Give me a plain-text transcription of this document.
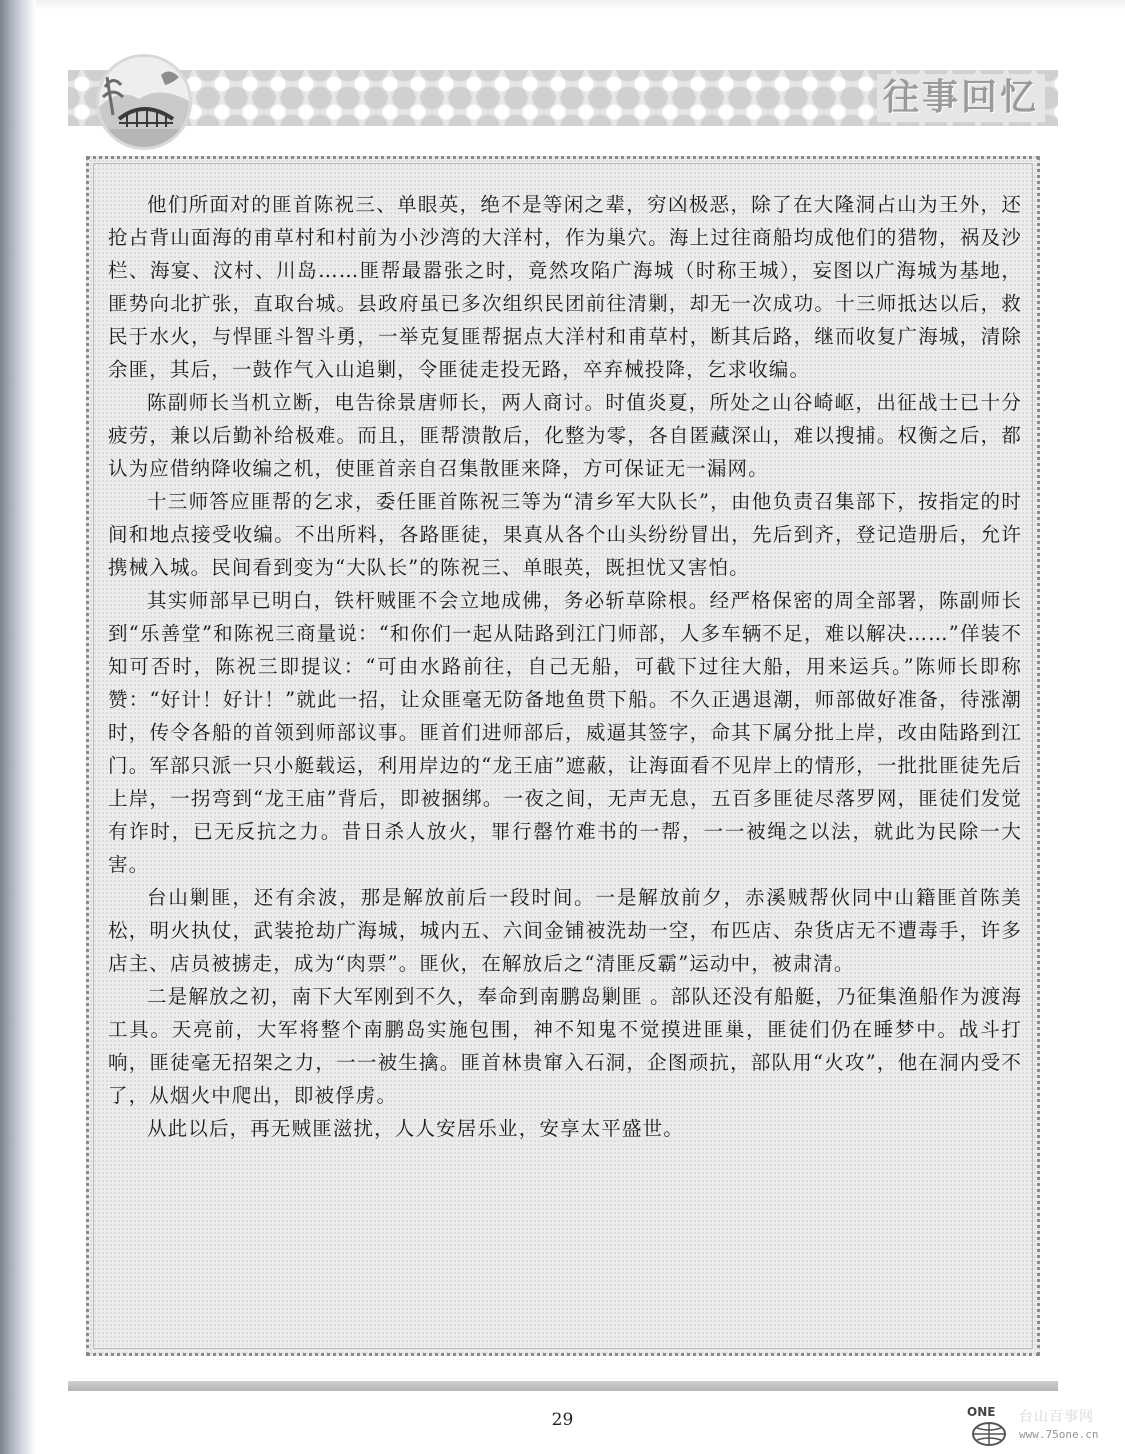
往事回忆

他们所面对的匪首陈祝三、单眼英，绝不是等闲之辈，穷凶极恶，除了在大隆洞占山为王外，还抢占背山面海的甫草村和村前为小沙湾的大洋村，作为巢穴。海上过往商船均成他们的猎物，祸及沙栏、海宴、汶村、川岛……匪帮最嚣张之时，竟然攻陷广海城（时称王城），妄图以广海城为基地，匪势向北扩张，直取台城。县政府虽已多次组织民团前往清剿，却无一次成功。十三师抵达以后，救民于水火，与悍匪斗智斗勇，一举克复匪帮据点大洋村和甫草村，断其后路，继而收复广海城，清除余匪，其后，一鼓作气入山追剿，令匪徒走投无路，卒弃械投降，乞求收编。

陈副师长当机立断，电告徐景唐师长，两人商讨。时值炎夏，所处之山谷崎岖，出征战士已十分疲劳，兼以后勤补给极难。而且，匪帮溃散后，化整为零，各自匿藏深山，难以搜捕。权衡之后，都认为应借纳降收编之机，使匪首亲自召集散匪来降，方可保证无一漏网。

十三师答应匪帮的乞求，委任匪首陈祝三等为“清乡军大队长”，由他负责召集部下，按指定的时间和地点接受收编。不出所料，各路匪徒，果真从各个山头纷纷冒出，先后到齐，登记造册后，允许携械入城。民间看到变为“大队长”的陈祝三、单眼英，既担忧又害怕。

其实师部早已明白，铁杆贼匪不会立地成佛，务必斩草除根。经严格保密的周全部署，陈副师长到“乐善堂”和陈祝三商量说：“和你们一起从陆路到江门师部，人多车辆不足，难以解决……”佯装不知可否时，陈祝三即提议：“可由水路前往，自己无船，可截下过往大船，用来运兵。”陈师长即称赞：“好计！好计！”就此一招，让众匪毫无防备地鱼贯下船。不久正遇退潮，师部做好准备，待涨潮时，传令各船的首领到师部议事。匪首们进师部后，威逼其签字，命其下属分批上岸，改由陆路到江门。军部只派一只小艇载运，利用岸边的“龙王庙”遮蔽，让海面看不见岸上的情形，一批批匪徒先后上岸，一拐弯到“龙王庙”背后，即被捆绑。一夜之间，无声无息，五百多匪徒尽落罗网，匪徒们发觉有诈时，已无反抗之力。昔日杀人放火，罪行罄竹难书的一帮，一一被绳之以法，就此为民除一大害。

台山剿匪，还有余波，那是解放前后一段时间。一是解放前夕，赤溪贼帮伙同中山籍匪首陈美松，明火执仗，武装抢劫广海城，城内五、六间金铺被洗劫一空，布匹店、杂货店无不遭毒手，许多店主、店员被掳走，成为“肉票”。匪伙，在解放后之“清匪反霸”运动中，被肃清。

二是解放之初，南下大军刚到不久，奉命到南鹏岛剿匪 。部队还没有船艇，乃征集渔船作为渡海工具。天亮前，大军将整个南鹏岛实施包围，神不知鬼不觉摸进匪巢，匪徒们仍在睡梦中。战斗打响，匪徒毫无招架之力，一一被生擒。匪首林贵窜入石洞，企图顽抗，部队用“火攻”，他在洞内受不了，从烟火中爬出，即被俘虏。

从此以后，再无贼匪滋扰，人人安居乐业，安享太平盛世。

29	ONE 台山百事网
www.75one.cn
